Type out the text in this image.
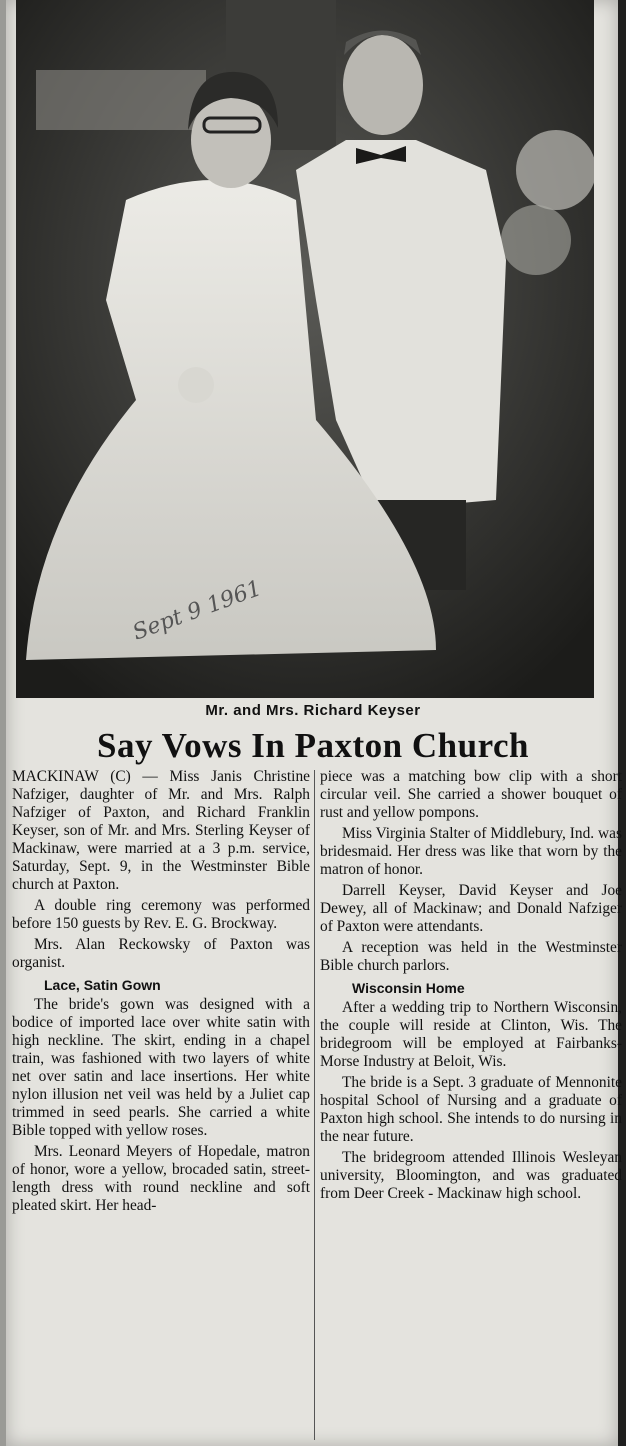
Sept 9 1961
Mr. and Mrs. Richard Keyser
Say Vows In Paxton Church

MACKINAW (C) — Miss Janis Christine Nafziger, daughter of Mr. and Mrs. Ralph Nafziger of Paxton, and Richard Franklin Keyser, son of Mr. and Mrs. Sterling Keyser of Mackinaw, were married at a 3 p.m. service, Saturday, Sept. 9, in the Westminster Bible church at Paxton.

A double ring ceremony was performed before 150 guests by Rev. E. G. Brockway.

Mrs. Alan Reckowsky of Paxton was organist.

Lace, Satin Gown

The bride's gown was designed with a bodice of imported lace over white satin with high neckline. The skirt, ending in a chapel train, was fashioned with two layers of white net over satin and lace insertions. Her white nylon illusion net veil was held by a Juliet cap trimmed in seed pearls. She carried a white Bible topped with yellow roses.

Mrs. Leonard Meyers of Hopedale, matron of honor, wore a yellow, brocaded satin, street-length dress with round neckline and soft pleated skirt. Her head-

piece was a matching bow clip with a short circular veil. She carried a shower bouquet of rust and yellow pompons.

Miss Virginia Stalter of Middlebury, Ind. was bridesmaid. Her dress was like that worn by the matron of honor.

Darrell Keyser, David Keyser and Joe Dewey, all of Mackinaw; and Donald Nafziger of Paxton were attendants.

A reception was held in the Westminster Bible church parlors.

Wisconsin Home

After a wedding trip to Northern Wisconsin, the couple will reside at Clinton, Wis. The bridegroom will be employed at Fairbanks-Morse Industry at Beloit, Wis.

The bride is a Sept. 3 graduate of Mennonite hospital School of Nursing and a graduate of Paxton high school. She intends to do nursing in the near future.

The bridegroom attended Illinois Wesleyan university, Bloomington, and was graduated from Deer Creek - Mackinaw high school.
